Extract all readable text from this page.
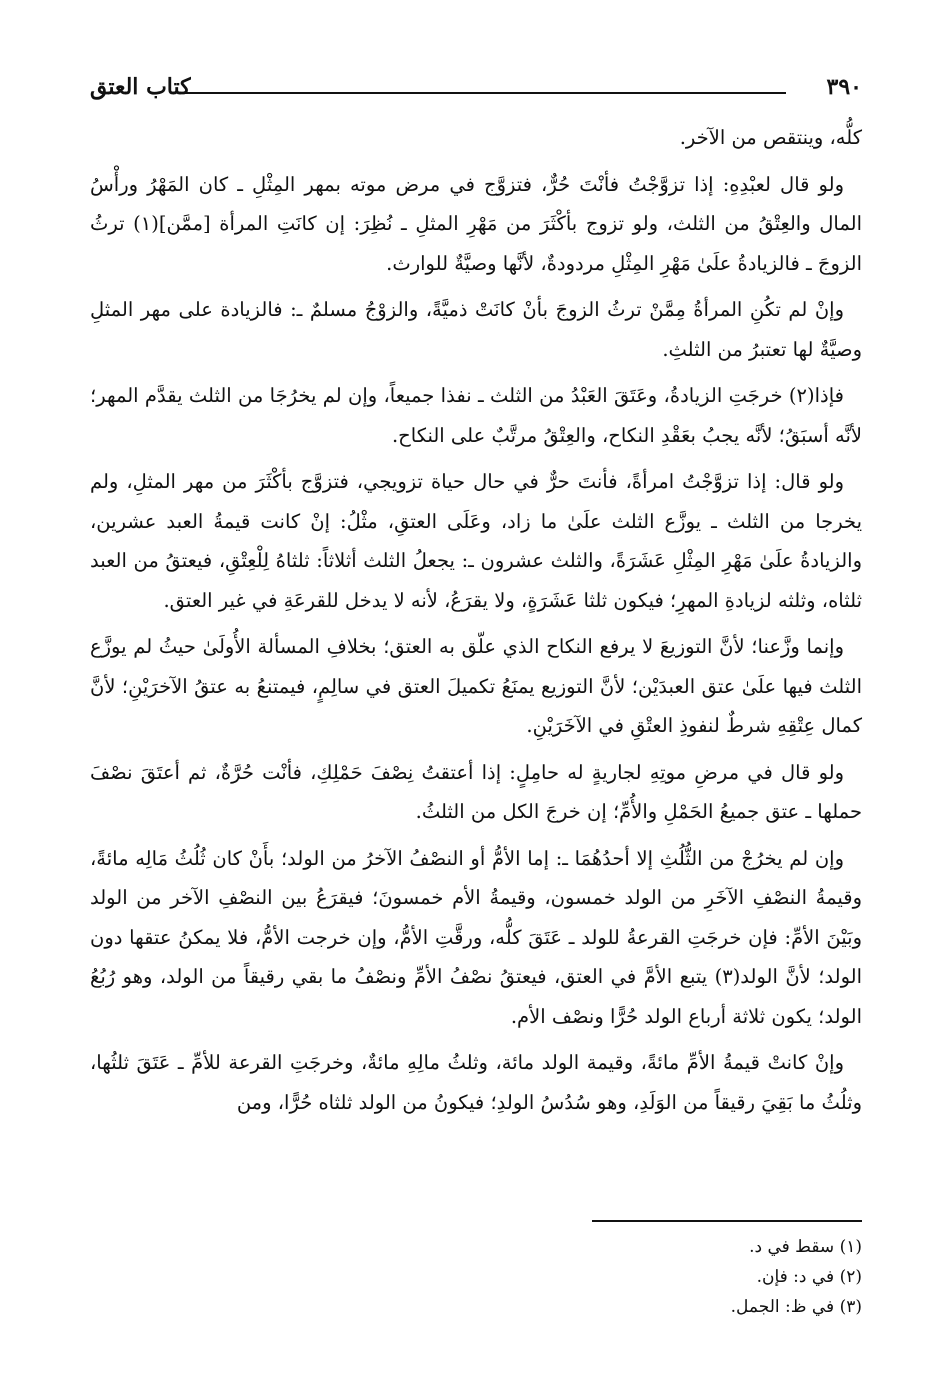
٣٩٠
كتاب العتق

كلُّه، وينتقص من الآخر.

ولو قال لعبْدِهِ: إذا تزوَّجْتُ فأنْتَ حُرٌّ، فتزوَّج في مرض موته بمهر المِثْلِ ـ كان المَهْرُ ورأْسُ المال والعِتْقُ من الثلث، ولو تزوج بأكْثَرَ من مَهْرِ المثلِ ـ نُظِرَ: إن كانَتِ المرأة [ممَّن](١) ترثُ الزوجَ ـ فالزيادةُ علَىٰ مَهْرِ المِثْلِ مردودةٌ، لأنَّها وصيَّةٌ للوارث.

وإنْ لم تكُنِ المرأةُ مِمَّنْ ترثُ الزوجَ بأنْ كانَتْ ذميَّةً، والزوْجُ مسلمٌ ـ: فالزيادة على مهر المثلِ وصيَّةٌ لها تعتبرُ من الثلثِ.

فإذا(٢) خرجَتِ الزيادةُ، وعَتَقَ العَبْدُ من الثلث ـ نفذا جميعاً، وإن لم يخرُجَا من الثلث يقدَّم المهر؛ لأنَّه أسبَقُ؛ لأنَّه يجبُ بعَقْدِ النكاح، والعِتْقُ مرتَّبٌ على النكاح.

ولو قال: إذا تزوَّجْتُ امرأةً، فأنتَ حرٌّ في حال حياة تزويجي، فتزوَّج بأكْثَرَ من مهر المثلِ، ولم يخرجا من الثلث ـ يوزَّع الثلث علَىٰ ما زاد، وعَلَى العتقِ، مثْلُ: إنْ كانت قيمةُ العبد عشرين، والزيادةُ علَىٰ مَهْرِ المِثْلِ عَشَرَةً، والثلث عشرون ـ: يجعلُ الثلث أثلاثاً: ثلثاهُ لِلْعِتْقِ، فيعتقُ من العبد ثلثاه، وثلثه لزيادةِ المهرِ؛ فيكون ثلثا عَشَرَةٍ، ولا يقرَعُ، لأنه لا يدخل للقرعَةِ في غير العتق.

وإنما وزَّعنا؛ لأنَّ التوزيعَ لا يرفع النكاح الذي علّق به العتق؛ بخلافِ المسألة الأُولَىٰ حيثُ لم يوزَّع الثلث فيها علَىٰ عتق العبدَيْن؛ لأنَّ التوزيع يمنَعُ تكميلَ العتق في سالِمٍ، فيمتنعُ به عتقُ الآخرَيْنِ؛ لأنَّ كمال عِتْقِهِ شرطٌ لنفوذِ العتْقِ في الآخَرَيْنِ.

ولو قال في مرضِ موتِهِ لجاريةٍ له حامِلٍ: إذا أعتقتُ نِصْفَ حَمْلِكِ، فأنْت حُرَّةٌ، ثم أعتَقَ نصْفَ حملها ـ عتق جميعُ الحَمْلِ والأُمِّ؛ إن خرجَ الكل من الثلثُ.

وإن لم يخرُجْ من الثُّلُثِ إلا أحدُهُمَا ـ: إما الأمُّ أو النصْفُ الآخرُ من الولد؛ بأَنْ كان ثُلُثُ مَالِه مائةً، وقيمةُ النصْفِ الآخَرِ من الولد خمسون، وقيمةُ الأم خمسونَ؛ فيقرَعُ بين النصْفِ الآخر من الولد وبَيْنَ الأمِّ: فإن خرجَتِ القرعةُ للولد ـ عَتَقَ كلُّه، ورقَّتِ الأمُّ، وإن خرجت الأمُّ، فلا يمكنُ عتقها دون الولد؛ لأنَّ الولد(٣) يتبع الأمَّ في العتق، فيعتقُ نصْفُ الأمِّ ونصْفُ ما بقي رقيقاً من الولد، وهو رُبُعُ الولد؛ يكون ثلاثة أرباع الولد حُرًّا ونصْف الأم.

وإنْ كانتْ قيمةُ الأمِّ مائةً، وقيمة الولد مائة، وثلثُ مالِهِ مائةٌ، وخرجَتِ القرعة للأمِّ ـ عَتَقَ ثلثُها، وثلُثُ ما بَقِيَ رقيقاً من الوَلَدِ، وهو سُدُسُ الولدِ؛ فيكونُ من الولد ثلثاه حُرًّا، ومن

(١) سقط في د.
(٢) في د: فإن.
(٣) في ظ: الجمل.
